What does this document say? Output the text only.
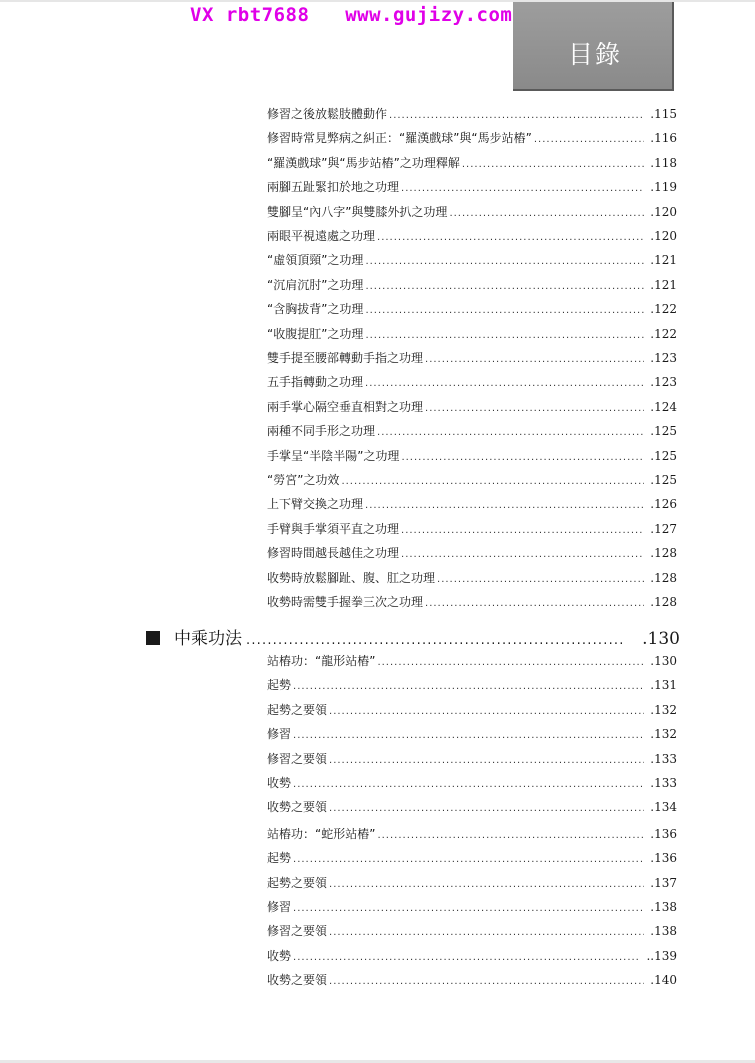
VX rbt7688   www.gujizy.com
目錄
中乘功法 .....	.130
修習之後放鬆肢體動作 .....	.115
修習時常見弊病之糾正：“羅漢戲球”與“馬步站樁” .....	.116
“羅漢戲球”與“馬步站樁”之功理釋解 .....	.118
兩腳五趾緊扣於地之功理 .....	.119
雙腳呈“內八字”與雙膝外扒之功理 .....	.120
兩眼平視遠處之功理 .....	.120
“虛領頂頸”之功理 .....	.121
“沉肩沉肘”之功理 .....	.121
“含胸拔背”之功理 .....	.122
“收腹提肛”之功理 .....	.122
雙手提至腰部轉動手指之功理 .....	.123
五手指轉動之功理 .....	.123
兩手掌心隔空垂直相對之功理 .....	.124
兩種不同手形之功理 .....	.125
手掌呈“半陰半陽”之功理 .....	.125
“勞宮”之功效 .....	.125
上下臂交換之功理 .....	.126
手臂與手掌須平直之功理 .....	.127
修習時間越長越佳之功理 .....	.128
收勢時放鬆腳趾、腹、肛之功理 .....	.128
收勢時需雙手握拳三次之功理 .....	.128
站樁功：“龍形站樁” .....	.130
起勢 .....	.131
起勢之要領 .....	.132
修習 .....	.132
修習之要領 .....	.133
收勢 .....	.133
收勢之要領 .....	.134
站樁功：“蛇形站樁” .....	.136
起勢 .....	.136
起勢之要領 .....	.137
修習 .....	.138
修習之要領 .....	.138
收勢 .....	..139
收勢之要領 .....	.140
